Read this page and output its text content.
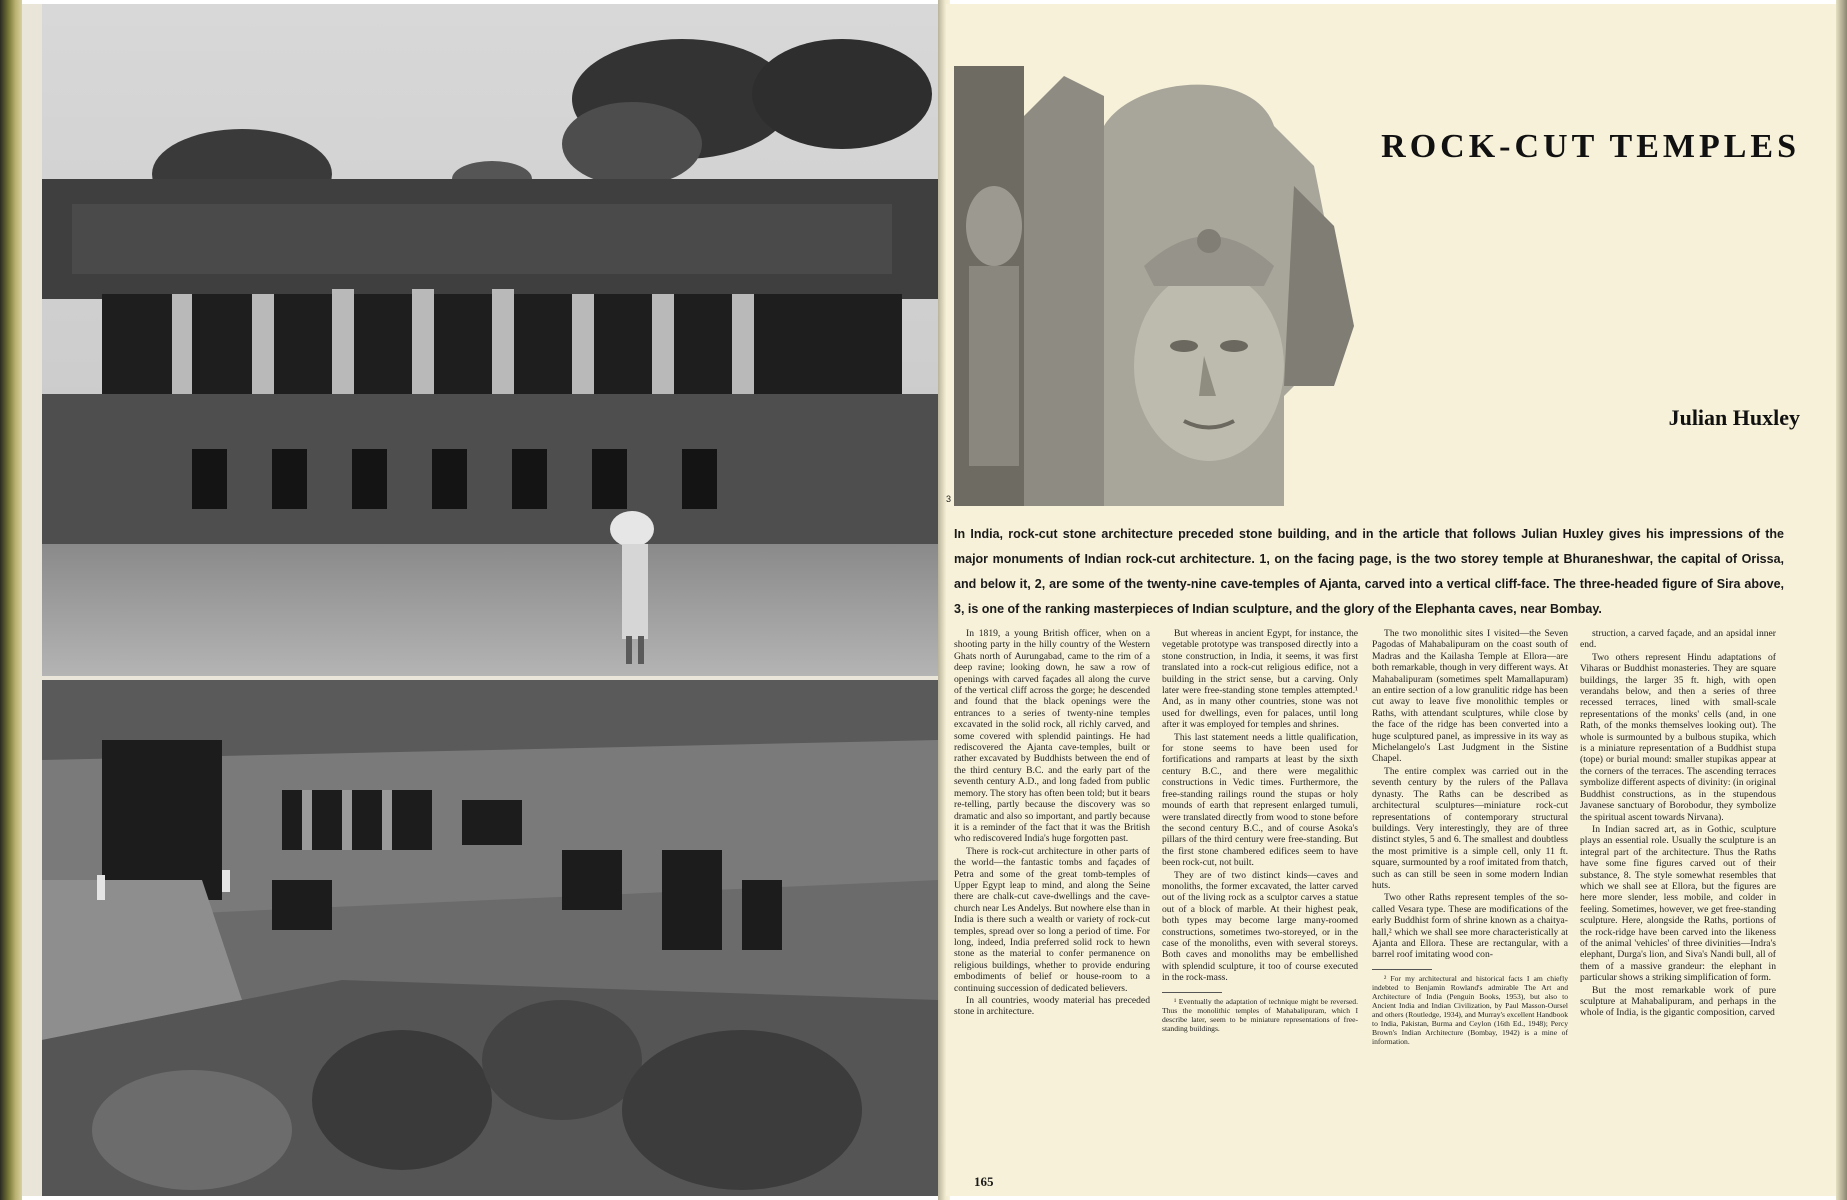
ROCK-CUT TEMPLES
Julian Huxley
3
In India, rock-cut stone architecture preceded stone building, and in the article that follows Julian Huxley gives his impressions of the major monuments of Indian rock-cut architecture. 1, on the facing page, is the two storey temple at Bhuraneshwar, the capital of Orissa, and below it, 2, are some of the twenty-nine cave-temples of Ajanta, carved into a vertical cliff-face. The three-headed figure of Sira above, 3, is one of the ranking masterpieces of Indian sculpture, and the glory of the Elephanta caves, near Bombay.

In 1819, a young British officer, when on a shooting party in the hilly country of the Western Ghats north of Aurungabad, came to the rim of a deep ravine; looking down, he saw a row of openings with carved façades all along the curve of the vertical cliff across the gorge; he descended and found that the black openings were the entrances to a series of twenty-nine temples excavated in the solid rock, all richly carved, and some covered with splendid paintings. He had rediscovered the Ajanta cave-temples, built or rather excavated by Buddhists between the end of the third century B.C. and the early part of the seventh century A.D., and long faded from public memory. The story has often been told; but it bears re-telling, partly because the discovery was so dramatic and also so important, and partly because it is a reminder of the fact that it was the British who rediscovered India's huge forgotten past.

There is rock-cut architecture in other parts of the world—the fantastic tombs and façades of Petra and some of the great tomb-temples of Upper Egypt leap to mind, and along the Seine there are chalk-cut cave-dwellings and the cave-church near Les Andelys. But nowhere else than in India is there such a wealth or variety of rock-cut temples, spread over so long a period of time. For long, indeed, India preferred solid rock to hewn stone as the material to confer permanence on religious buildings, whether to provide enduring embodiments of belief or house-room to a continuing succession of dedicated believers.

In all countries, woody material has preceded stone in architecture.

But whereas in ancient Egypt, for instance, the vegetable prototype was transposed directly into a stone construction, in India, it seems, it was first translated into a rock-cut religious edifice, not a building in the strict sense, but a carving. Only later were free-standing stone temples attempted.¹ And, as in many other countries, stone was not used for dwellings, even for palaces, until long after it was employed for temples and shrines.

This last statement needs a little qualification, for stone seems to have been used for fortifications and ramparts at least by the sixth century B.C., and there were megalithic constructions in Vedic times. Furthermore, the free-standing railings round the stupas or holy mounds of earth that represent enlarged tumuli, were translated directly from wood to stone before the second century B.C., and of course Asoka's pillars of the third century were free-standing. But the first stone chambered edifices seem to have been rock-cut, not built.

They are of two distinct kinds—caves and monoliths, the former excavated, the latter carved out of the living rock as a sculptor carves a statue out of a block of marble. At their highest peak, both types may become large many-roomed constructions, sometimes two-storeyed, or in the case of the monoliths, even with several storeys. Both caves and monoliths may be embellished with splendid sculpture, it too of course executed in the rock-mass.

¹ Eventually the adaptation of technique might be reversed. Thus the monolithic temples of Mahabalipuram, which I describe later, seem to be miniature representations of free-standing buildings.

The two monolithic sites I visited—the Seven Pagodas of Mahabalipuram on the coast south of Madras and the Kailasha Temple at Ellora—are both remarkable, though in very different ways. At Mahabalipuram (sometimes spelt Mamallapuram) an entire section of a low granulitic ridge has been cut away to leave five monolithic temples or Raths, with attendant sculptures, while close by the face of the ridge has been converted into a huge sculptured panel, as impressive in its way as Michelangelo's Last Judgment in the Sistine Chapel.

The entire complex was carried out in the seventh century by the rulers of the Pallava dynasty. The Raths can be described as architectural sculptures—miniature rock-cut representations of contemporary structural buildings. Very interestingly, they are of three distinct styles, 5 and 6. The smallest and doubtless the most primitive is a simple cell, only 11 ft. square, surmounted by a roof imitated from thatch, such as can still be seen in some modern Indian huts.

Two other Raths represent temples of the so-called Vesara type. These are modifications of the early Buddhist form of shrine known as a chaitya-hall,² which we shall see more characteristically at Ajanta and Ellora. These are rectangular, with a barrel roof imitating wood con-

² For my architectural and historical facts I am chiefly indebted to Benjamin Rowland's admirable The Art and Architecture of India (Penguin Books, 1953), but also to Ancient India and Indian Civilization, by Paul Masson-Oursel and others (Routledge, 1934), and Murray's excellent Handbook to India, Pakistan, Burma and Ceylon (16th Ed., 1948); Percy Brown's Indian Architecture (Bombay, 1942) is a mine of information.

struction, a carved façade, and an apsidal inner end.

Two others represent Hindu adaptations of Viharas or Buddhist monasteries. They are square buildings, the larger 35 ft. high, with open verandahs below, and then a series of three recessed terraces, lined with small-scale representations of the monks' cells (and, in one Rath, of the monks themselves looking out). The whole is surmounted by a bulbous stupika, which is a miniature representation of a Buddhist stupa (tope) or burial mound: smaller stupikas appear at the corners of the terraces. The ascending terraces symbolize different aspects of divinity: (in original Buddhist constructions, as in the stupendous Javanese sanctuary of Borobodur, they symbolize the spiritual ascent towards Nirvana).

In Indian sacred art, as in Gothic, sculpture plays an essential role. Usually the sculpture is an integral part of the architecture. Thus the Raths have some fine figures carved out of their substance, 8. The style somewhat resembles that which we shall see at Ellora, but the figures are here more slender, less mobile, and colder in feeling. Sometimes, however, we get free-standing sculpture. Here, alongside the Raths, portions of the rock-ridge have been carved into the likeness of the animal 'vehicles' of three divinities—Indra's elephant, Durga's lion, and Siva's Nandi bull, all of them of a massive grandeur: the elephant in particular shows a striking simplification of form.

But the most remarkable work of pure sculpture at Mahabalipuram, and perhaps in the whole of India, is the gigantic composition, carved

165
